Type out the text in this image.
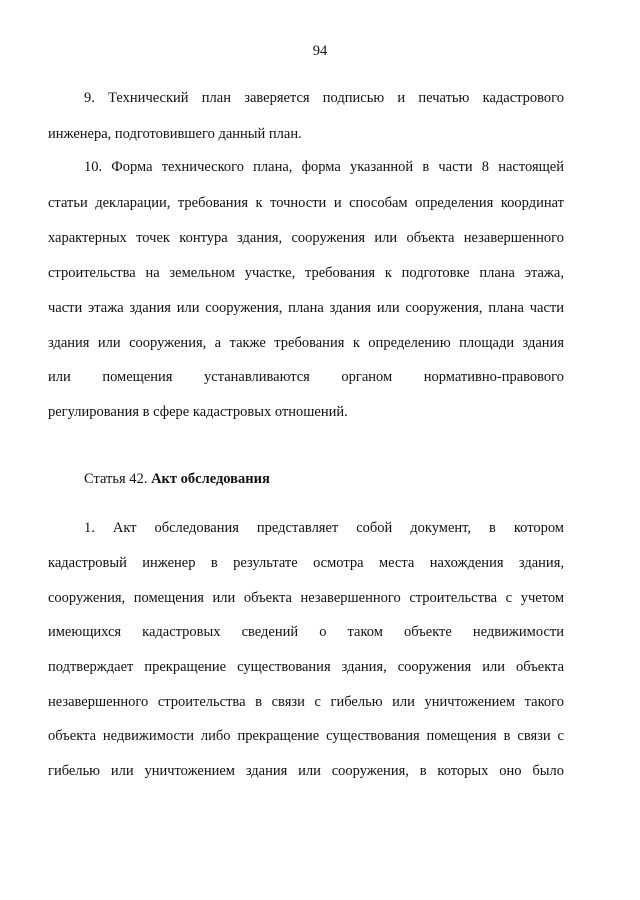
94
9. Технический план заверяется подписью и печатью кадастрового
инженера, подготовившего данный план.
10. Форма технического плана, форма указанной в части 8 настоящей
статьи декларации, требования к точности и способам определения координат
характерных точек контура здания, сооружения или объекта незавершенного
строительства на земельном участке, требования к подготовке плана этажа,
части этажа здания или сооружения, плана здания или сооружения, плана части
здания или сооружения, а также требования к определению площади здания
или помещения устанавливаются органом нормативно-правового
регулирования в сфере кадастровых отношений.
Статья 42. Акт обследования
1. Акт обследования представляет собой документ, в котором
кадастровый инженер в результате осмотра места нахождения здания,
сооружения, помещения или объекта незавершенного строительства с учетом
имеющихся кадастровых сведений о таком объекте недвижимости
подтверждает прекращение существования здания, сооружения или объекта
незавершенного строительства в связи с гибелью или уничтожением такого
объекта недвижимости либо прекращение существования помещения в связи с
гибелью или уничтожением здания или сооружения, в которых оно было
